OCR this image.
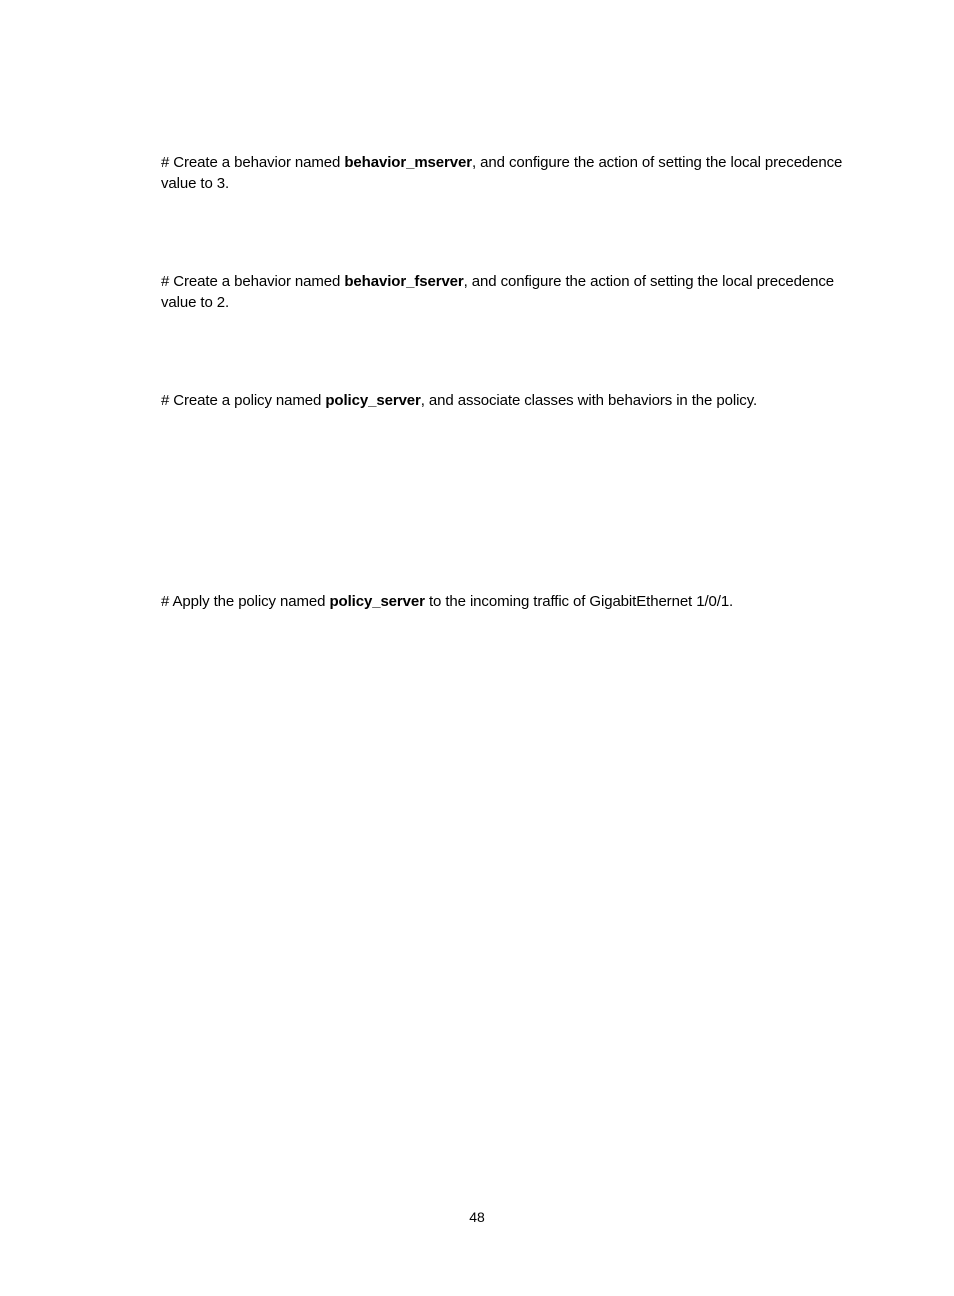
# Create a behavior named behavior_mserver, and configure the action of setting the local precedence value to 3.

# Create a behavior named behavior_fserver, and configure the action of setting the local precedence value to 2.

# Create a policy named policy_server, and associate classes with behaviors in the policy.

# Apply the policy named policy_server to the incoming traffic of GigabitEthernet 1/0/1.

48
